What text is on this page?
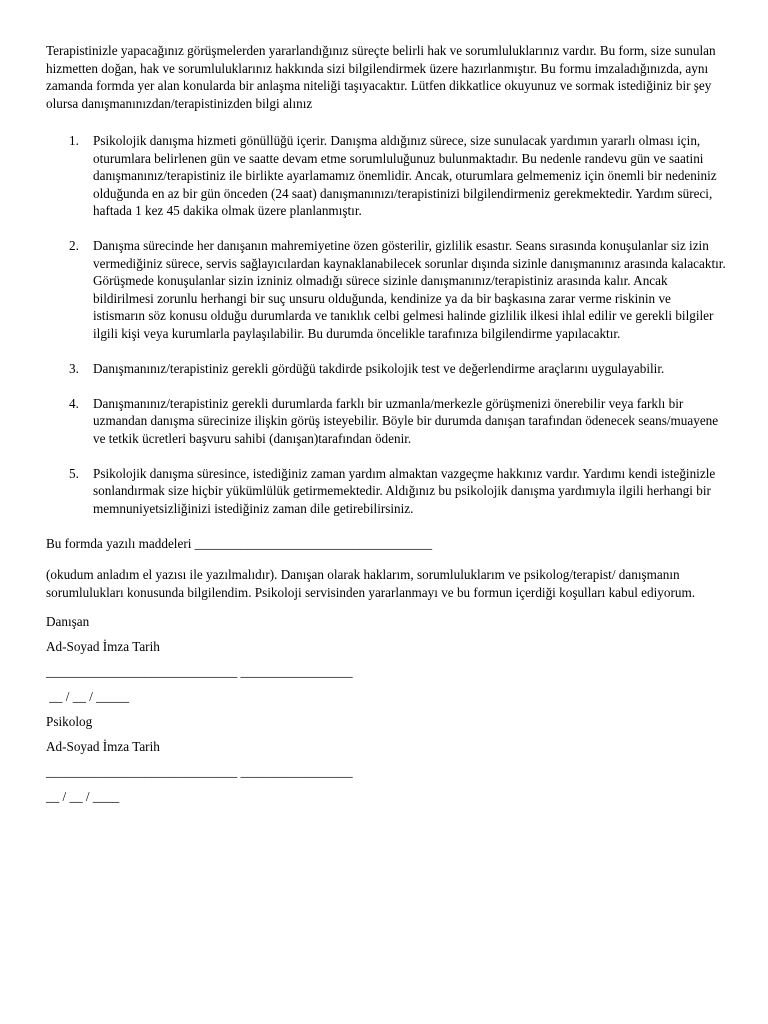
Terapistinizle yapacağınız görüşmelerden yararlandığınız süreçte belirli hak ve sorumluluklarınız vardır. Bu form, size sunulan hizmetten doğan, hak ve sorumluluklarınız hakkında sizi bilgilendirmek üzere hazırlanmıştır. Bu formu imzaladığınızda, aynı zamanda formda yer alan konularda bir anlaşma niteliği taşıyacaktır. Lütfen dikkatlice okuyunuz ve sormak istediğiniz bir şey olursa danışmanınızdan/terapistinizden bilgi alınız

1. Psikolojik danışma hizmeti gönüllüğü içerir. Danışma aldığınız sürece, size sunulacak yardımın yararlı olması için, oturumlara belirlenen gün ve saatte devam etme sorumluluğunuz bulunmaktadır. Bu nedenle randevu gün ve saatini danışmanınız/terapistiniz ile birlikte ayarlamamız önemlidir. Ancak, oturumlara gelmemeniz için önemli bir nedeniniz olduğunda en az bir gün önceden (24 saat) danışmanınızı/terapistinizi bilgilendirmeniz gerekmektedir. Yardım süreci, haftada 1 kez 45 dakika olmak üzere planlanmıştır.
2. Danışma sürecinde her danışanın mahremiyetine özen gösterilir, gizlilik esastır. Seans sırasında konuşulanlar siz izin vermediğiniz sürece, servis sağlayıcılardan kaynaklanabilecek sorunlar dışında sizinle danışmanınız arasında kalacaktır. Görüşmede konuşulanlar sizin izniniz olmadığı sürece sizinle danışmanınız/terapistiniz arasında kalır. Ancak bildirilmesi zorunlu herhangi bir suç unsuru olduğunda, kendinize ya da bir başkasına zarar verme riskinin ve istismarın söz konusu olduğu durumlarda ve tanıklık celbi gelmesi halinde gizlilik ilkesi ihlal edilir ve gerekli bilgiler ilgili kişi veya kurumlarla paylaşılabilir. Bu durumda öncelikle tarafınıza bilgilendirme yapılacaktır.
3. Danışmanınız/terapistiniz gerekli gördüğü takdirde psikolojik test ve değerlendirme araçlarını uygulayabilir.
4. Danışmanınız/terapistiniz gerekli durumlarda farklı bir uzmanla/merkezle görüşmenizi önerebilir veya farklı bir uzmandan danışma sürecinize ilişkin görüş isteyebilir. Böyle bir durumda danışan tarafından ödenecek seans/muayene ve tetkik ücretleri başvuru sahibi (danışan)tarafından ödenir.
5. Psikolojik danışma süresince, istediğiniz zaman yardım almaktan vazgeçme hakkınız vardır. Yardımı kendi isteğinizle sonlandırmak size hiçbir yükümlülük getirmemektedir. Aldığınız bu psikolojik danışma yardımıyla ilgili herhangi bir memnuniyetsizliğinizi istediğiniz zaman dile getirebilirsiniz.

Bu formda yazılı maddeleri ____________________________________

(okudum anladım el yazısı ile yazılmalıdır). Danışan olarak haklarım, sorumluluklarım ve psikolog/terapist/ danışmanın sorumlulukları konusunda bilgilendim. Psikoloji servisinden yararlanmayı ve bu formun içerdiği koşulları kabul ediyorum.

Danışan

Ad-Soyad İmza Tarih

_____________________________ _________________

__ / __ / _____

Psikolog

Ad-Soyad İmza Tarih

_____________________________ _________________

__ / __ / ____
